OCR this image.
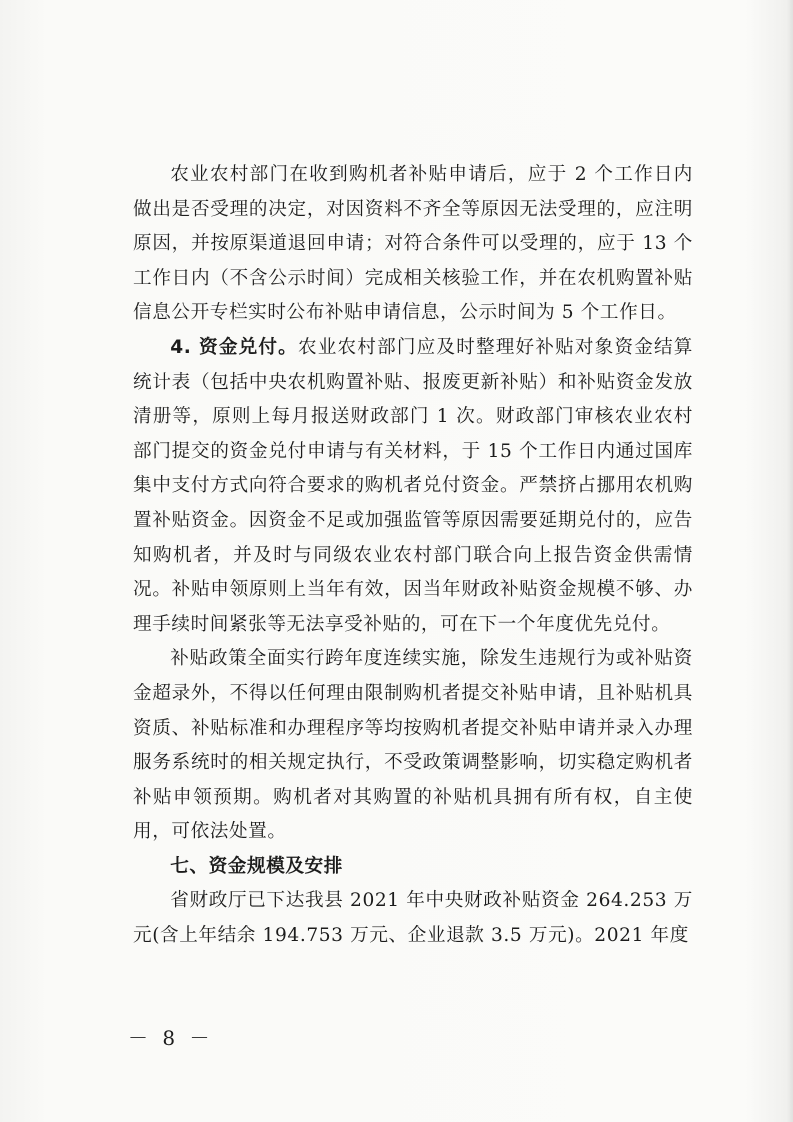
农业农村部门在收到购机者补贴申请后，应于 2 个工作日内做出是否受理的决定，对因资料不齐全等原因无法受理的，应注明原因，并按原渠道退回申请；对符合条件可以受理的，应于 13 个工作日内（不含公示时间）完成相关核验工作，并在农机购置补贴信息公开专栏实时公布补贴申请信息，公示时间为 5 个工作日。

4. 资金兑付。农业农村部门应及时整理好补贴对象资金结算统计表（包括中央农机购置补贴、报废更新补贴）和补贴资金发放清册等，原则上每月报送财政部门 1 次。财政部门审核农业农村部门提交的资金兑付申请与有关材料，于 15 个工作日内通过国库集中支付方式向符合要求的购机者兑付资金。严禁挤占挪用农机购置补贴资金。因资金不足或加强监管等原因需要延期兑付的，应告知购机者，并及时与同级农业农村部门联合向上报告资金供需情况。补贴申领原则上当年有效，因当年财政补贴资金规模不够、办理手续时间紧张等无法享受补贴的，可在下一个年度优先兑付。

补贴政策全面实行跨年度连续实施，除发生违规行为或补贴资金超录外，不得以任何理由限制购机者提交补贴申请，且补贴机具资质、补贴标准和办理程序等均按购机者提交补贴申请并录入办理服务系统时的相关规定执行，不受政策调整影响，切实稳定购机者补贴申领预期。购机者对其购置的补贴机具拥有所有权，自主使用，可依法处置。

七、资金规模及安排

省财政厅已下达我县 2021 年中央财政补贴资金 264.253 万元(含上年结余 194.753 万元、企业退款 3.5 万元)。2021 年度

－ 8 －
